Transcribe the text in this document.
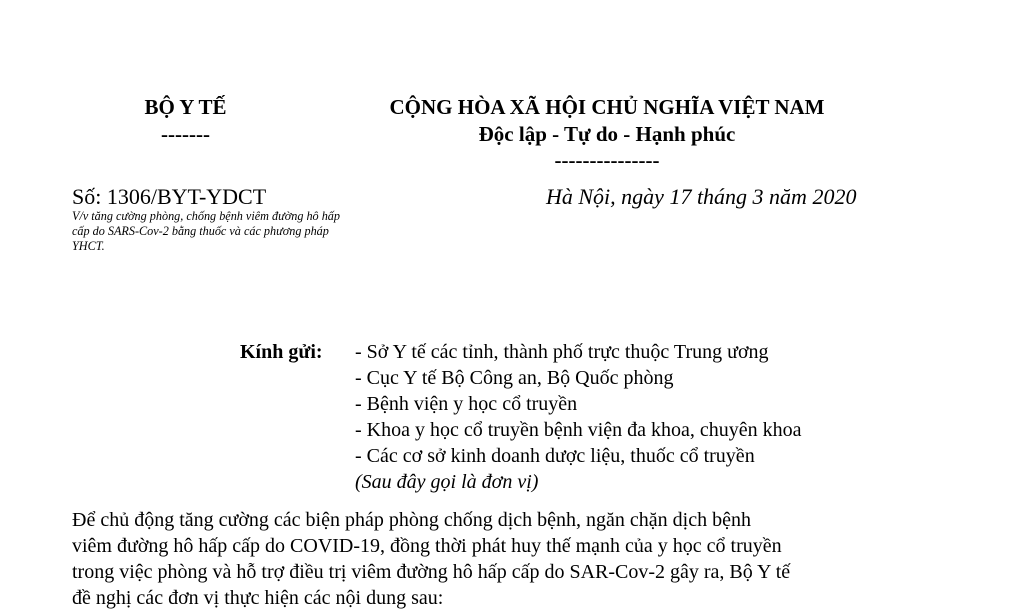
BỘ Y TẾ
-------
CỘNG HÒA XÃ HỘI CHỦ NGHĨA VIỆT NAM
Độc lập - Tự do - Hạnh phúc
---------------
Số: 1306/BYT-YDCT
V/v tăng cường phòng, chống bệnh viêm đường hô hấp cấp do SARS-Cov-2 bằng thuốc và các phương pháp YHCT.
Hà Nội, ngày 17 tháng 3 năm 2020
Kính gửi: - Sở Y tế các tỉnh, thành phố trực thuộc Trung ương
- Cục Y tế Bộ Công an, Bộ Quốc phòng
- Bệnh viện y học cổ truyền
- Khoa y học cổ truyền bệnh viện đa khoa, chuyên khoa
- Các cơ sở kinh doanh dược liệu, thuốc cổ truyền
(Sau đây gọi là đơn vị)
Để chủ động tăng cường các biện pháp phòng chống dịch bệnh, ngăn chặn dịch bệnh
viêm đường hô hấp cấp do COVID-19, đồng thời phát huy thế mạnh của y học cổ truyền
trong việc phòng và hỗ trợ điều trị viêm đường hô hấp cấp do SAR-Cov-2 gây ra, Bộ Y tế
đề nghị các đơn vị thực hiện các nội dung sau:
